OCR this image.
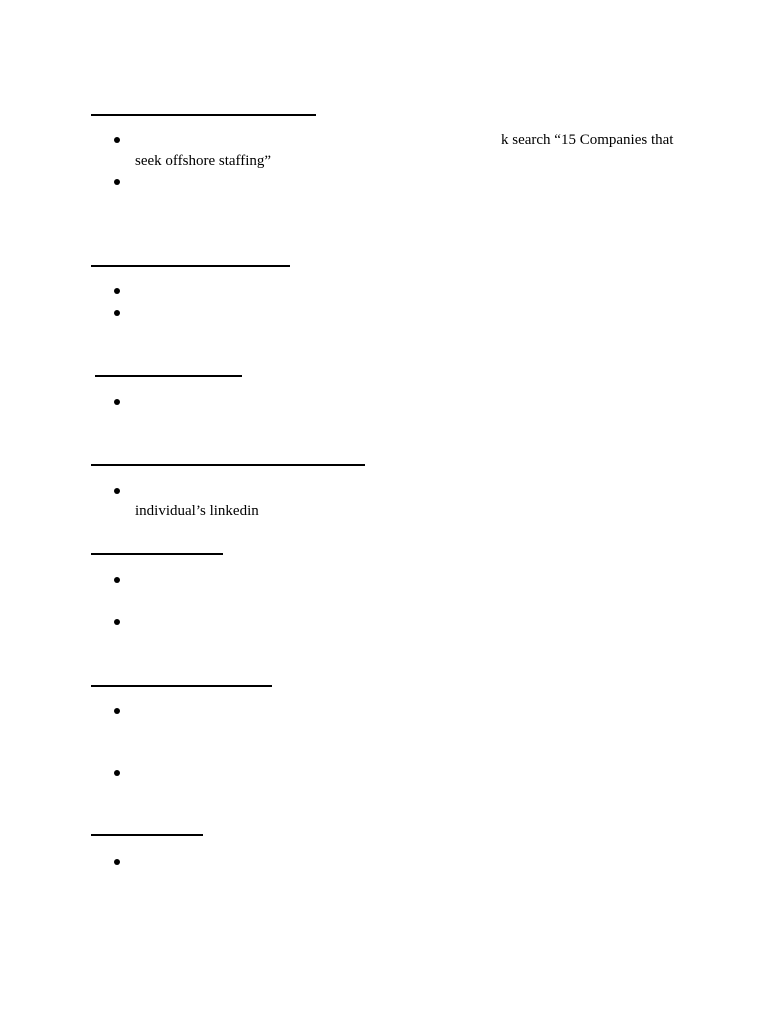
k search “15 Companies that
seek offshore staffing”
individual’s linkedin
